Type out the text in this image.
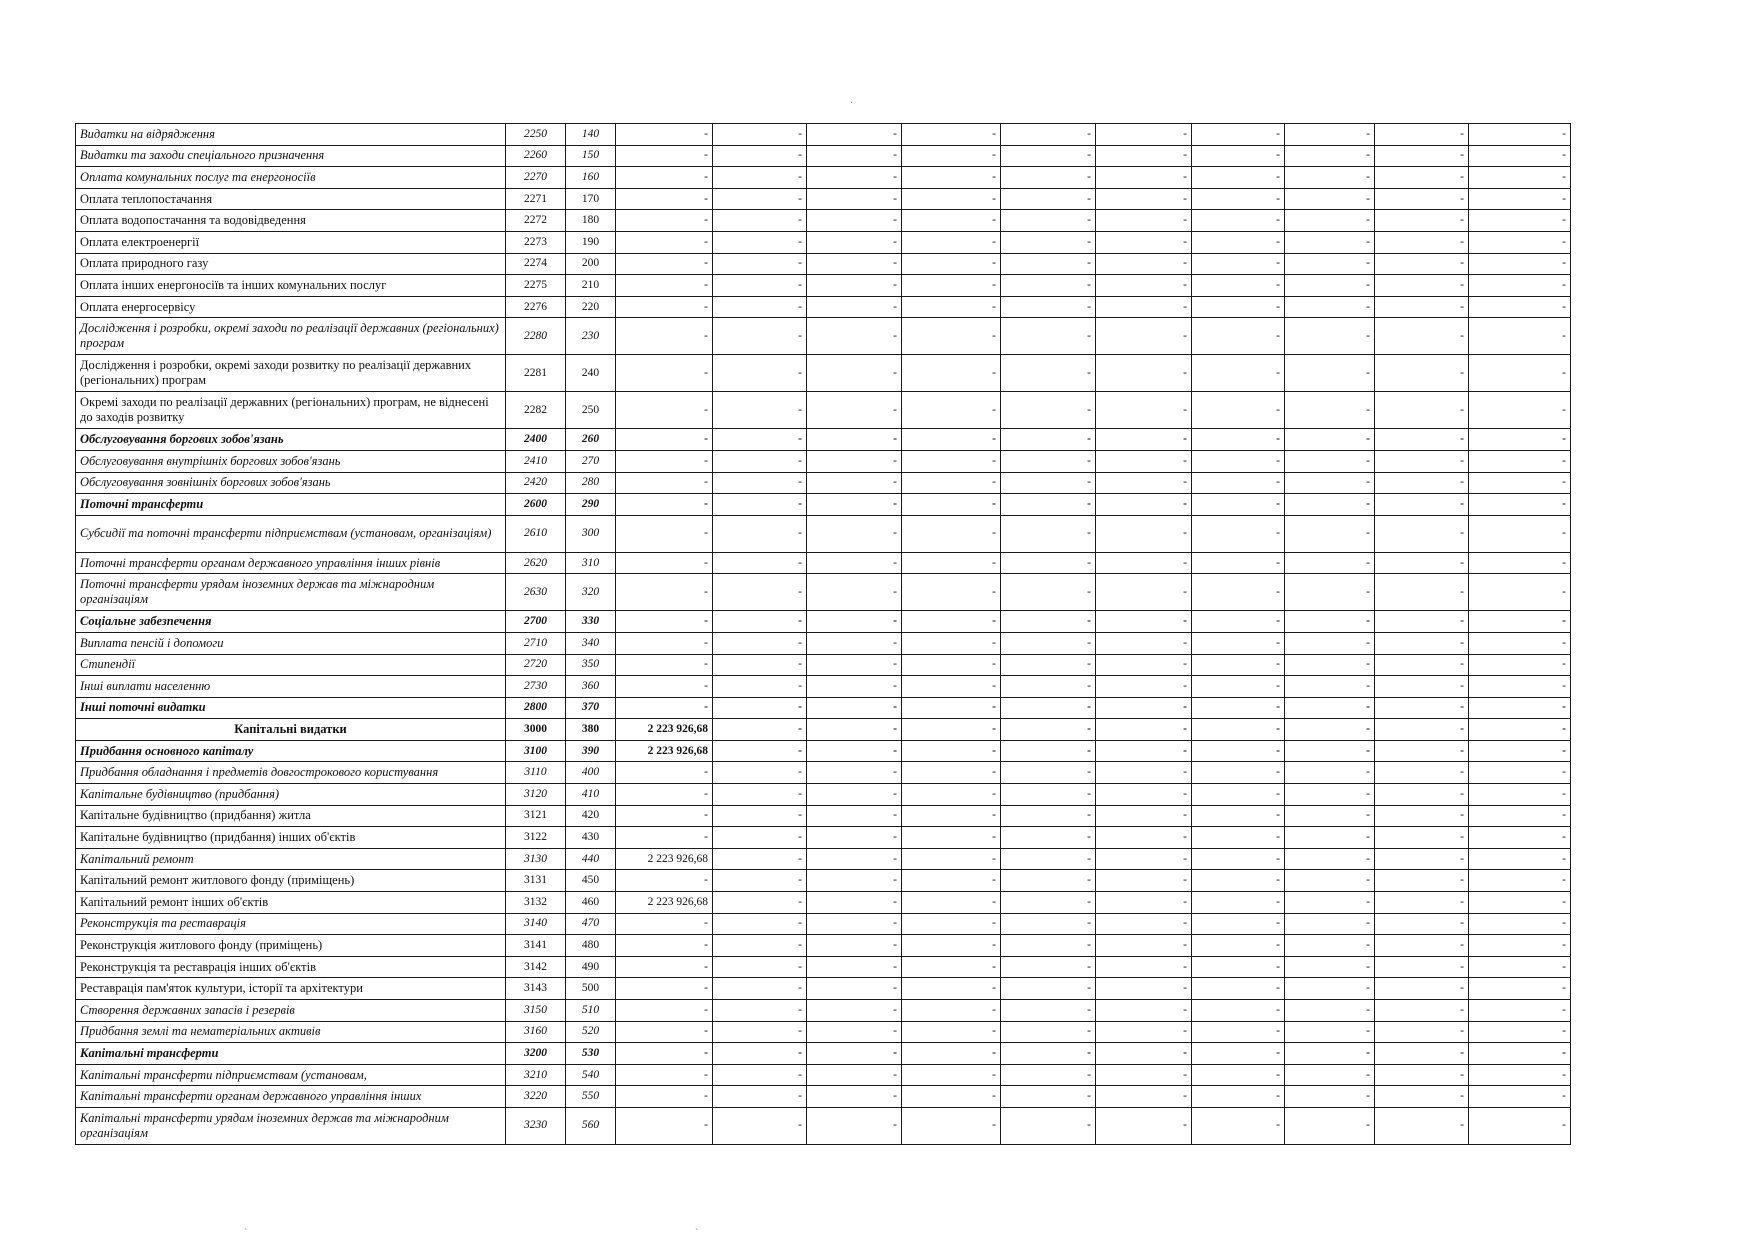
Видатки на відрядження	2250	140	-	-	-	-	-	-	-	-	-	-
Видатки та заходи спеціального призначення	2260	150	-	-	-	-	-	-	-	-	-	-
Оплата комунальних послуг та енергоносіїв	2270	160	-	-	-	-	-	-	-	-	-	-
Оплата теплопостачання	2271	170	-	-	-	-	-	-	-	-	-	-
Оплата водопостачання та водовідведення	2272	180	-	-	-	-	-	-	-	-	-	-
Оплата електроенергії	2273	190	-	-	-	-	-	-	-	-	-	-
Оплата природного газу	2274	200	-	-	-	-	-	-	-	-	-	-
Оплата інших енергоносіїв та інших комунальних послуг	2275	210	-	-	-	-	-	-	-	-	-	-
Оплата енергосервісу	2276	220	-	-	-	-	-	-	-	-	-	-
Дослідження і розробки, окремі заходи по реалізації державних (регіональних) програм	2280	230	-	-	-	-	-	-	-	-	-	-
Дослідження і розробки, окремі заходи розвитку по реалізації державних (регіональних) програм	2281	240	-	-	-	-	-	-	-	-	-	-
Окремі заходи по реалізації державних (регіональних) програм, не віднесені до заходів розвитку	2282	250	-	-	-	-	-	-	-	-	-	-
Обслуговування боргових зобов'язань	2400	260	-	-	-	-	-	-	-	-	-	-
Обслуговування внутрішніх боргових зобов'язань	2410	270	-	-	-	-	-	-	-	-	-	-
Обслуговування зовнішніх боргових зобов'язань	2420	280	-	-	-	-	-	-	-	-	-	-
Поточні трансферти	2600	290	-	-	-	-	-	-	-	-	-	-
Субсидії та поточні трансферти підприємствам (установам, організаціям)	2610	300	-	-	-	-	-	-	-	-	-	-
Поточні трансферти органам державного управління інших рівнів	2620	310	-	-	-	-	-	-	-	-	-	-
Поточні трансферти урядам іноземних держав та міжнародним організаціям	2630	320	-	-	-	-	-	-	-	-	-	-
Соціальне забезпечення	2700	330	-	-	-	-	-	-	-	-	-	-
Виплата пенсій і допомоги	2710	340	-	-	-	-	-	-	-	-	-	-
Стипендії	2720	350	-	-	-	-	-	-	-	-	-	-
Інші виплати населенню	2730	360	-	-	-	-	-	-	-	-	-	-
Інші поточні видатки	2800	370	-	-	-	-	-	-	-	-	-	-
Капітальні видатки	3000	380	2 223 926,68	-	-	-	-	-	-	-	-	-
Придбання основного капіталу	3100	390	2 223 926,68	-	-	-	-	-	-	-	-	-
Придбання обладнання і предметів довгострокового користування	3110	400	-	-	-	-	-	-	-	-	-	-
Капітальне будівництво (придбання)	3120	410	-	-	-	-	-	-	-	-	-	-
Капітальне будівництво (придбання) житла	3121	420	-	-	-	-	-	-	-	-	-	-
Капітальне будівництво (придбання) інших об'єктів	3122	430	-	-	-	-	-	-	-	-	-	-
Капітальний ремонт	3130	440	2 223 926,68	-	-	-	-	-	-	-	-	-
Капітальний ремонт житлового фонду (приміщень)	3131	450	-	-	-	-	-	-	-	-	-	-
Капітальний ремонт інших об'єктів	3132	460	2 223 926,68	-	-	-	-	-	-	-	-	-
Реконструкція та реставрація	3140	470	-	-	-	-	-	-	-	-	-	-
Реконструкція житлового фонду (приміщень)	3141	480	-	-	-	-	-	-	-	-	-	-
Реконструкція та реставрація інших об'єктів	3142	490	-	-	-	-	-	-	-	-	-	-
Реставрація пам'яток культури, історії та архітектури	3143	500	-	-	-	-	-	-	-	-	-	-
Створення державних запасів і резервів	3150	510	-	-	-	-	-	-	-	-	-	-
Придбання землі та нематеріальних активів	3160	520	-	-	-	-	-	-	-	-	-	-
Капітальні трансферти	3200	530	-	-	-	-	-	-	-	-	-	-
Капітальні трансферти підприємствам (установам,	3210	540	-	-	-	-	-	-	-	-	-	-
Капітальні трансферти органам державного управління інших	3220	550	-	-	-	-	-	-	-	-	-	-
Капітальні трансферти урядам іноземних держав та міжнародним організаціям	3230	560	-	-	-	-	-	-	-	-	-	-
·
`	`
